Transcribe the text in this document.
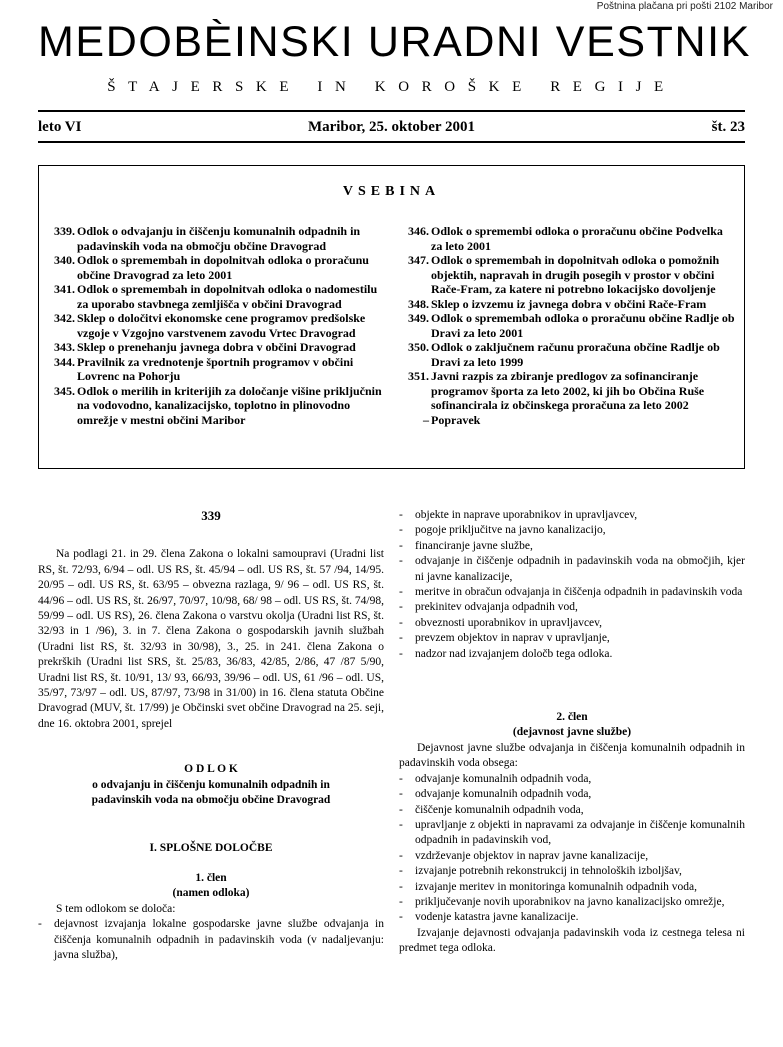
Poštnina plačana pri pošti 2102 Maribor
MEDOBÈINSKI URADNI VESTNIK
ŠTAJERSKE IN KOROŠKE REGIJE
leto VI	Maribor, 25. oktober 2001	št. 23
VSEBINA
339. Odlok o odvajanju in čiščenju komunalnih odpadnih in padavinskih voda na območju občine Dravograd
340. Odlok o spremembah in dopolnitvah odloka o proračunu občine Dravograd za leto 2001
341. Odlok o spremembah in dopolnitvah odloka o nadomestilu za uporabo stavbnega zemljišča v občini Dravograd
342. Sklep o določitvi ekonomske cene programov predšolske vzgoje v Vzgojno varstvenem zavodu Vrtec Dravograd
343. Sklep o prenehanju javnega dobra v občini Dravograd
344. Pravilnik za vrednotenje športnih programov v občini Lovrenc na Pohorju
345. Odlok o merilih in kriterijih za določanje višine priključnin na vodovodno, kanalizacijsko, toplotno in plinovodno omrežje v mestni občini Maribor
346. Odlok o spremembi odloka o proračunu občine Podvelka za leto 2001
347. Odlok o spremembah in dopolnitvah odloka o pomožnih objektih, napravah in drugih posegih v prostor v občini Rače-Fram, za katere ni potrebno lokacijsko dovoljenje
348. Sklep o izvzemu iz javnega dobra v občini Rače-Fram
349. Odlok o spremembah odloka o proračunu občine Radlje ob Dravi za leto 2001
350. Odlok o zaključnem računu proračuna občine Radlje ob Dravi za leto 1999
351. Javni razpis za zbiranje predlogov za sofinanciranje programov športa za leto 2002, ki jih bo Občina Ruše sofinancirala iz občinskega proračuna za leto 2002
– Popravek

339

Na podlagi 21. in 29. člena Zakona o lokalni samoupravi (Uradni list RS, št. 72/93, 6/94 – odl. US RS, št. 45/94 – odl. US RS, št. 57 /94, 14/95. 20/95 – odl. US RS, št. 63/95 – obvezna razlaga, 9/ 96 – odl. US RS, št. 44/96 – odl. US RS, št. 26/97, 70/97, 10/98, 68/ 98 – odl. US RS, št. 74/98, 59/99 – odl. US RS), 26. člena Zakona o varstvu okolja (Uradni list RS, št. 32/93 in 1 /96), 3. in 7. člena Zakona o gospodarskih javnih službah (Uradni list RS, št. 32/93 in 30/98), 3., 25. in 241. člena Zakona o prekrških (Uradni list SRS, št. 25/83, 36/83, 42/85, 2/86, 47 /87 5/90, Uradni list RS, št. 10/91, 13/ 93, 66/93, 39/96 – odl. US, 61 /96 – odl. US, 35/97, 73/97 – odl. US, 87/97, 73/98 in 31/00) in 16. člena statuta Občine Dravograd (MUV, št. 17/99) je Občinski svet občine Dravograd na 25. seji, dne 16. oktobra 2001, sprejel

O D L O K

o odvajanju in čiščenju komunalnih odpadnih in padavinskih voda na območju občine Dravograd

I. SPLOŠNE DOLOČBE

1. člen

(namen odloka)

S tem odlokom se določa:

- dejavnost izvajanja lokalne gospodarske javne službe odvajanja in čiščenja komunalnih odpadnih in padavinskih voda (v nadaljevanju: javna služba),
- objekte in naprave uporabnikov in upravljavcev,
- pogoje priključitve na javno kanalizacijo,
- financiranje javne službe,
- odvajanje in čiščenje odpadnih in padavinskih voda na območjih, kjer ni javne kanalizacije,
- meritve in obračun odvajanja in čiščenja odpadnih in padavinskih voda
- prekinitev odvajanja odpadnih vod,
- obveznosti uporabnikov in upravljavcev,
- prevzem objektov in naprav v upravljanje,
- nadzor nad izvajanjem določb tega odloka.

2. člen

(dejavnost javne službe)

Dejavnost javne službe odvajanja in čiščenja komunalnih odpadnih in padavinskih voda obsega:

- odvajanje komunalnih odpadnih voda,
- odvajanje komunalnih odpadnih voda,
- čiščenje komunalnih odpadnih voda,
- upravljanje z objekti in napravami za odvajanje in čiščenje komunalnih odpadnih in padavinskih vod,
- vzdrževanje objektov in naprav javne kanalizacije,
- izvajanje potrebnih rekonstrukcij in tehnoloških izboljšav,
- izvajanje meritev in monitoringa komunalnih odpadnih voda,
- priključevanje novih uporabnikov na javno kanalizacijsko omrežje,
- vodenje katastra javne kanalizacije.

Izvajanje dejavnosti odvajanja padavinskih voda iz cestnega telesa ni predmet tega odloka.
